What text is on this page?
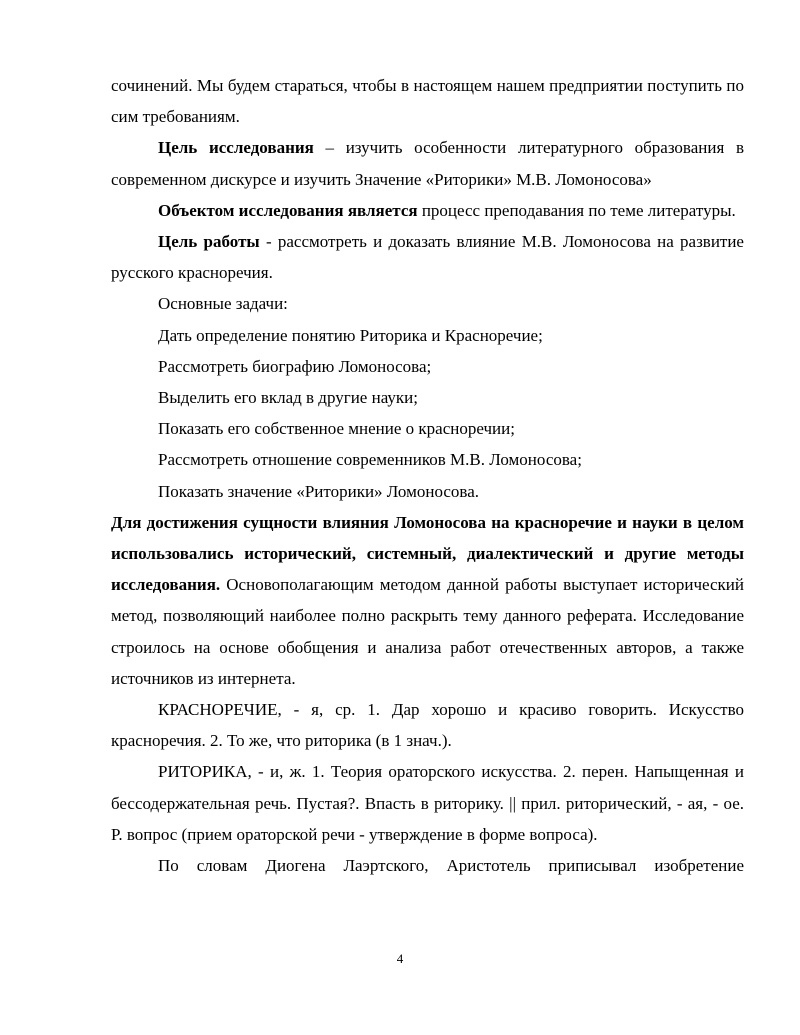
сочинений. Мы будем стараться, чтобы в настоящем нашем предприятии поступить по сим требованиям.

Цель исследования – изучить особенности литературного образования в современном дискурсе и изучить Значение «Риторики» М.В. Ломоносова»

Объектом исследования является процесс преподавания по теме литературы.

Цель работы - рассмотреть и доказать влияние М.В. Ломоносова на развитие русского красноречия.

Основные задачи:

Дать определение понятию Риторика и Красноречие;

Рассмотреть биографию Ломоносова;

Выделить его вклад в другие науки;

Показать его собственное мнение о красноречии;

Рассмотреть отношение современников М.В. Ломоносова;

Показать значение «Риторики» Ломоносова.

Для достижения сущности влияния Ломоносова на красноречие и науки в целом использовались исторический, системный, диалектический и другие методы исследования. Основополагающим методом данной работы выступает исторический метод, позволяющий наиболее полно раскрыть тему данного реферата. Исследование строилось на основе обобщения и анализа работ отечественных авторов, а также источников из интернета.

КРАСНОРЕЧИЕ, - я, ср. 1. Дар хорошо и красиво говорить. Искусство красноречия. 2. То же, что риторика (в 1 знач.).

РИТОРИКА, - и, ж. 1. Теория ораторского искусства. 2. перен. Напыщенная и бессодержательная речь. Пустая?. Впасть в риторику. || прил. риторический, - ая, - ое. Р. вопрос (прием ораторской речи - утверждение в форме вопроса).

По словам Диогена Лаэртского, Аристотель приписывал изобретение

4
